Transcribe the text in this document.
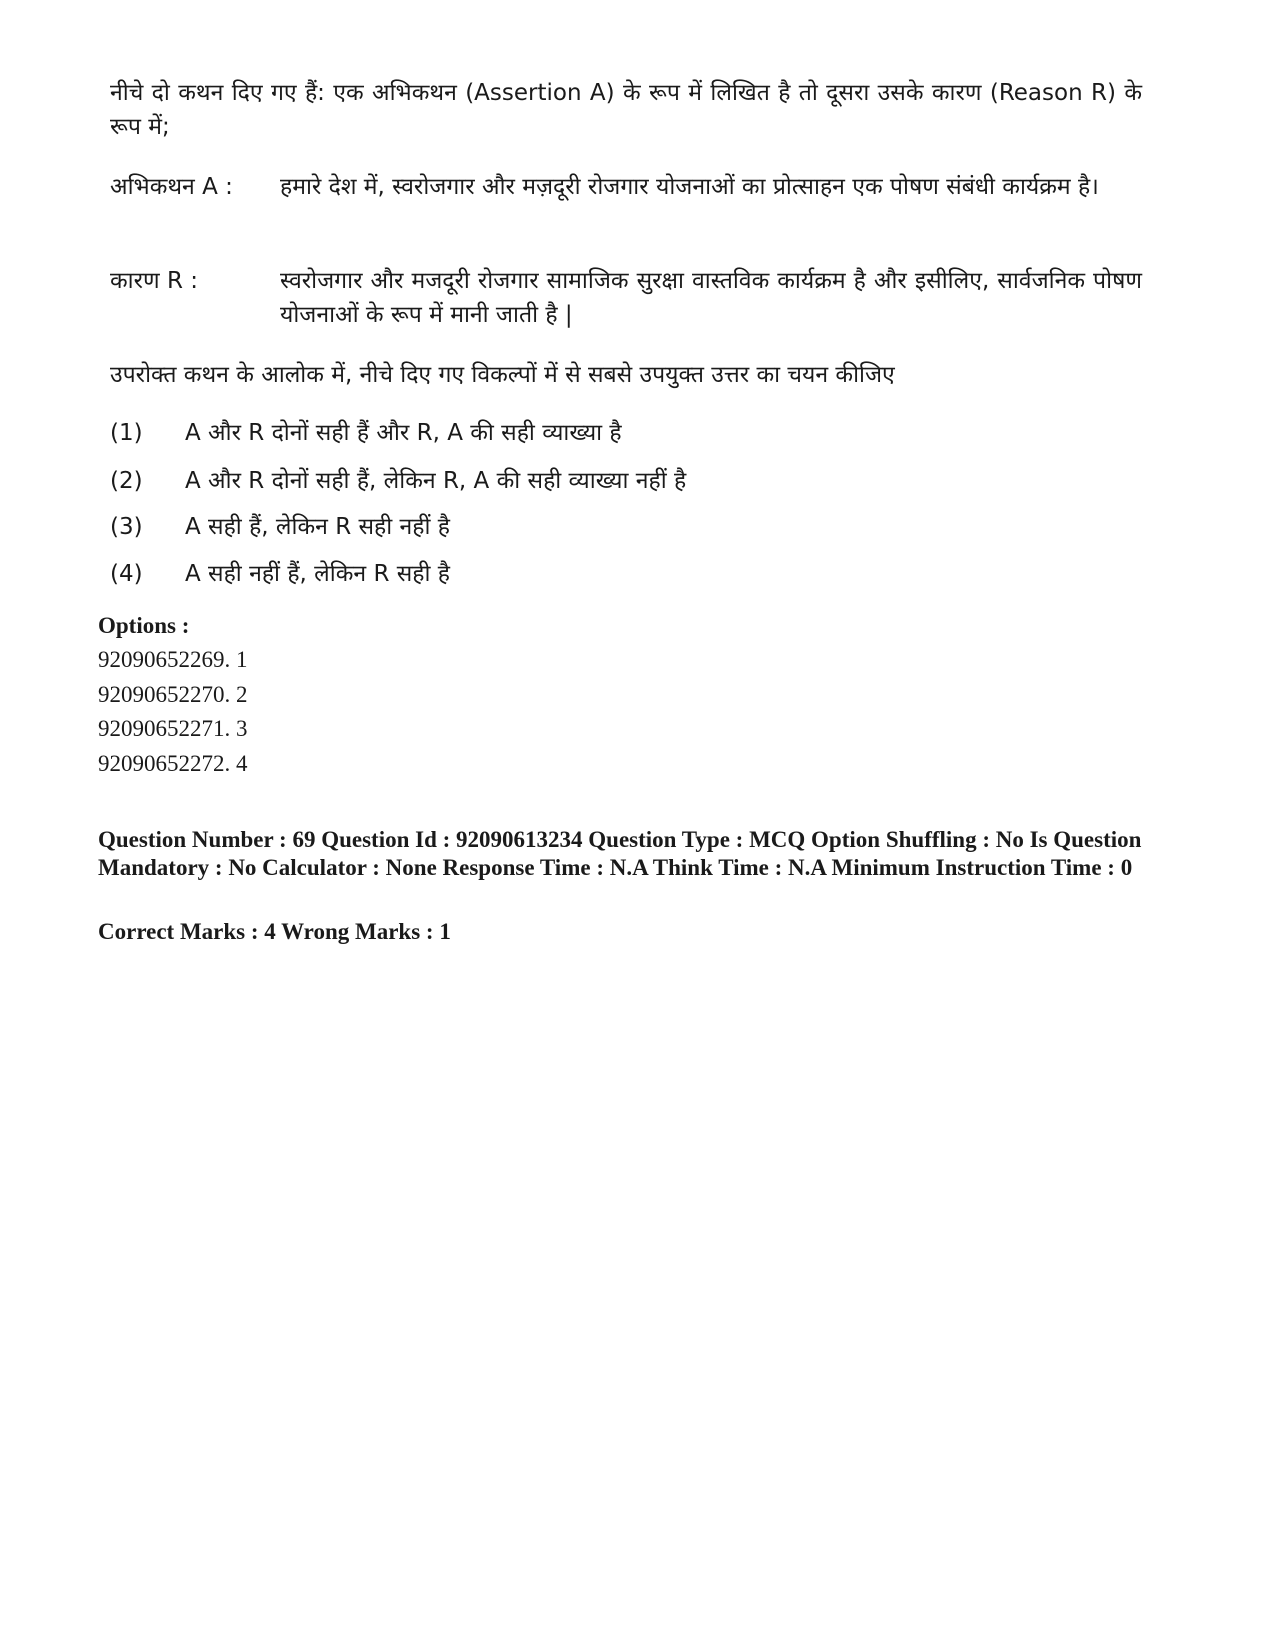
नीचे दो कथन दिए गए हैं: एक अभिकथन (Assertion A) के रूप में लिखित है तो दूसरा उसके कारण (Reason R) के रूप में;
अभिकथन A : हमारे देश में, स्वरोजगार और मज़दूरी रोजगार योजनाओं का प्रोत्साहन एक पोषण संबंधी कार्यक्रम है।
कारण R :	स्वरोजगार और मजदूरी रोजगार सामाजिक सुरक्षा वास्तविक कार्यक्रम है और इसीलिए, सार्वजनिक पोषण योजनाओं के रूप में मानी जाती है |
उपरोक्त कथन के आलोक में, नीचे दिए गए विकल्पों में से सबसे उपयुक्त उत्तर का चयन कीजिए
(1) A और R दोनों सही हैं और R, A की सही व्याख्या है
(2) A और R दोनों सही हैं, लेकिन R, A की सही व्याख्या नहीं है
(3) A सही हैं, लेकिन R सही नहीं है
(4) A सही नहीं हैं, लेकिन R सही है
Options :
92090652269. 1
92090652270. 2
92090652271. 3
92090652272. 4
Question Number : 69 Question Id : 92090613234 Question Type : MCQ Option Shuffling : No Is Question Mandatory : No Calculator : None Response Time : N.A Think Time : N.A Minimum Instruction Time : 0
Correct Marks : 4 Wrong Marks : 1
